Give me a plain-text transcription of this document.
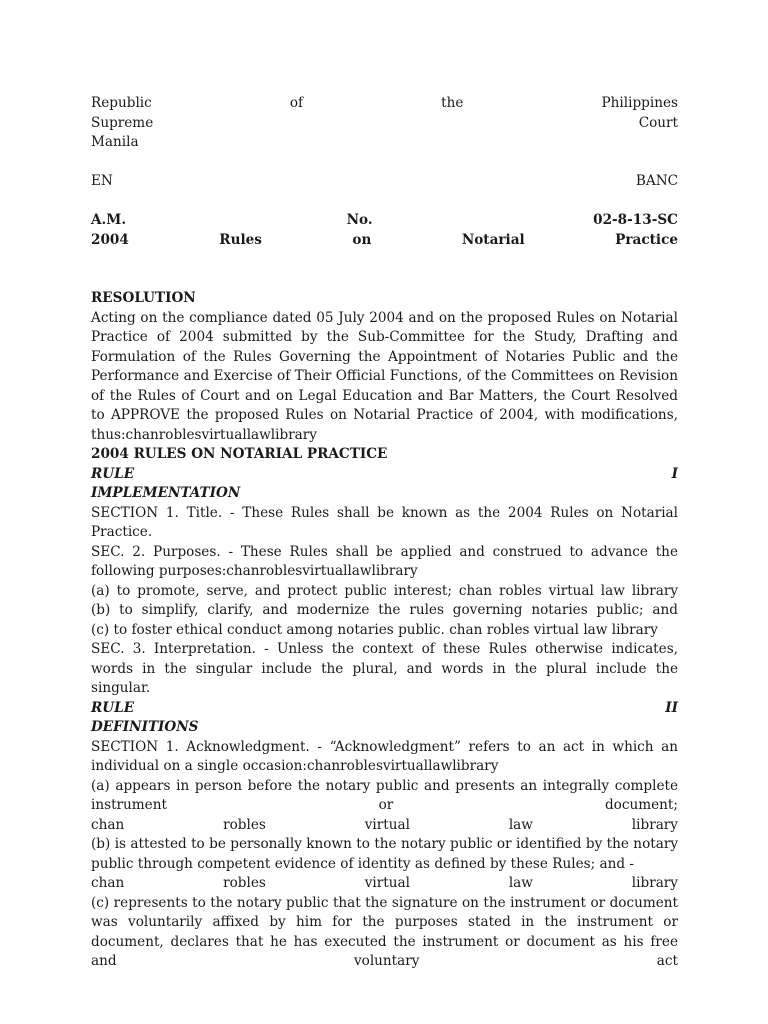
Republic	of	the	Philippines
Supreme	Court
Manila
EN	BANC
A.M.	No.	02-8-13-SC
2004	Rules	on	Notarial	Practice
RESOLUTION
Acting on the compliance dated 05 July 2004 and on the proposed Rules on Notarial Practice of 2004 submitted by the Sub-Committee for the Study, Drafting and Formulation of the Rules Governing the Appointment of Notaries Public and the Performance and Exercise of Their Official Functions, of the Committees on Revision of the Rules of Court and on Legal Education and Bar Matters, the Court Resolved to APPROVE the proposed Rules on Notarial Practice of 2004, with modifications, thus:chanroblesvirtuallawlibrary
2004 RULES ON NOTARIAL PRACTICE
RULE	I
IMPLEMENTATION
SECTION 1. Title. - These Rules shall be known as the 2004 Rules on Notarial Practice.
SEC. 2. Purposes. - These Rules shall be applied and construed to advance the following purposes:chanroblesvirtuallawlibrary
(a) to promote, serve, and protect public interest; chan robles virtual law library
(b) to simplify, clarify, and modernize the rules governing notaries public; and
(c) to foster ethical conduct among notaries public. chan robles virtual law library
SEC. 3. Interpretation. - Unless the context of these Rules otherwise indicates, words in the singular include the plural, and words in the plural include the singular.
RULE	II
DEFINITIONS
SECTION 1. Acknowledgment. - “Acknowledgment” refers to an act in which an individual on a single occasion:chanroblesvirtuallawlibrary
(a) appears in person before the notary public and presents an integrally complete
instrument	or	document;
chan	robles	virtual	law	library
(b) is attested to be personally known to the notary public or identified by the notary public through competent evidence of identity as defined by these Rules; and -
chan	robles	virtual	law	library
(c) represents to the notary public that the signature on the instrument or document was voluntarily affixed by him for the purposes stated in the instrument or document, declares that he has executed the instrument or document as his free and voluntary act
